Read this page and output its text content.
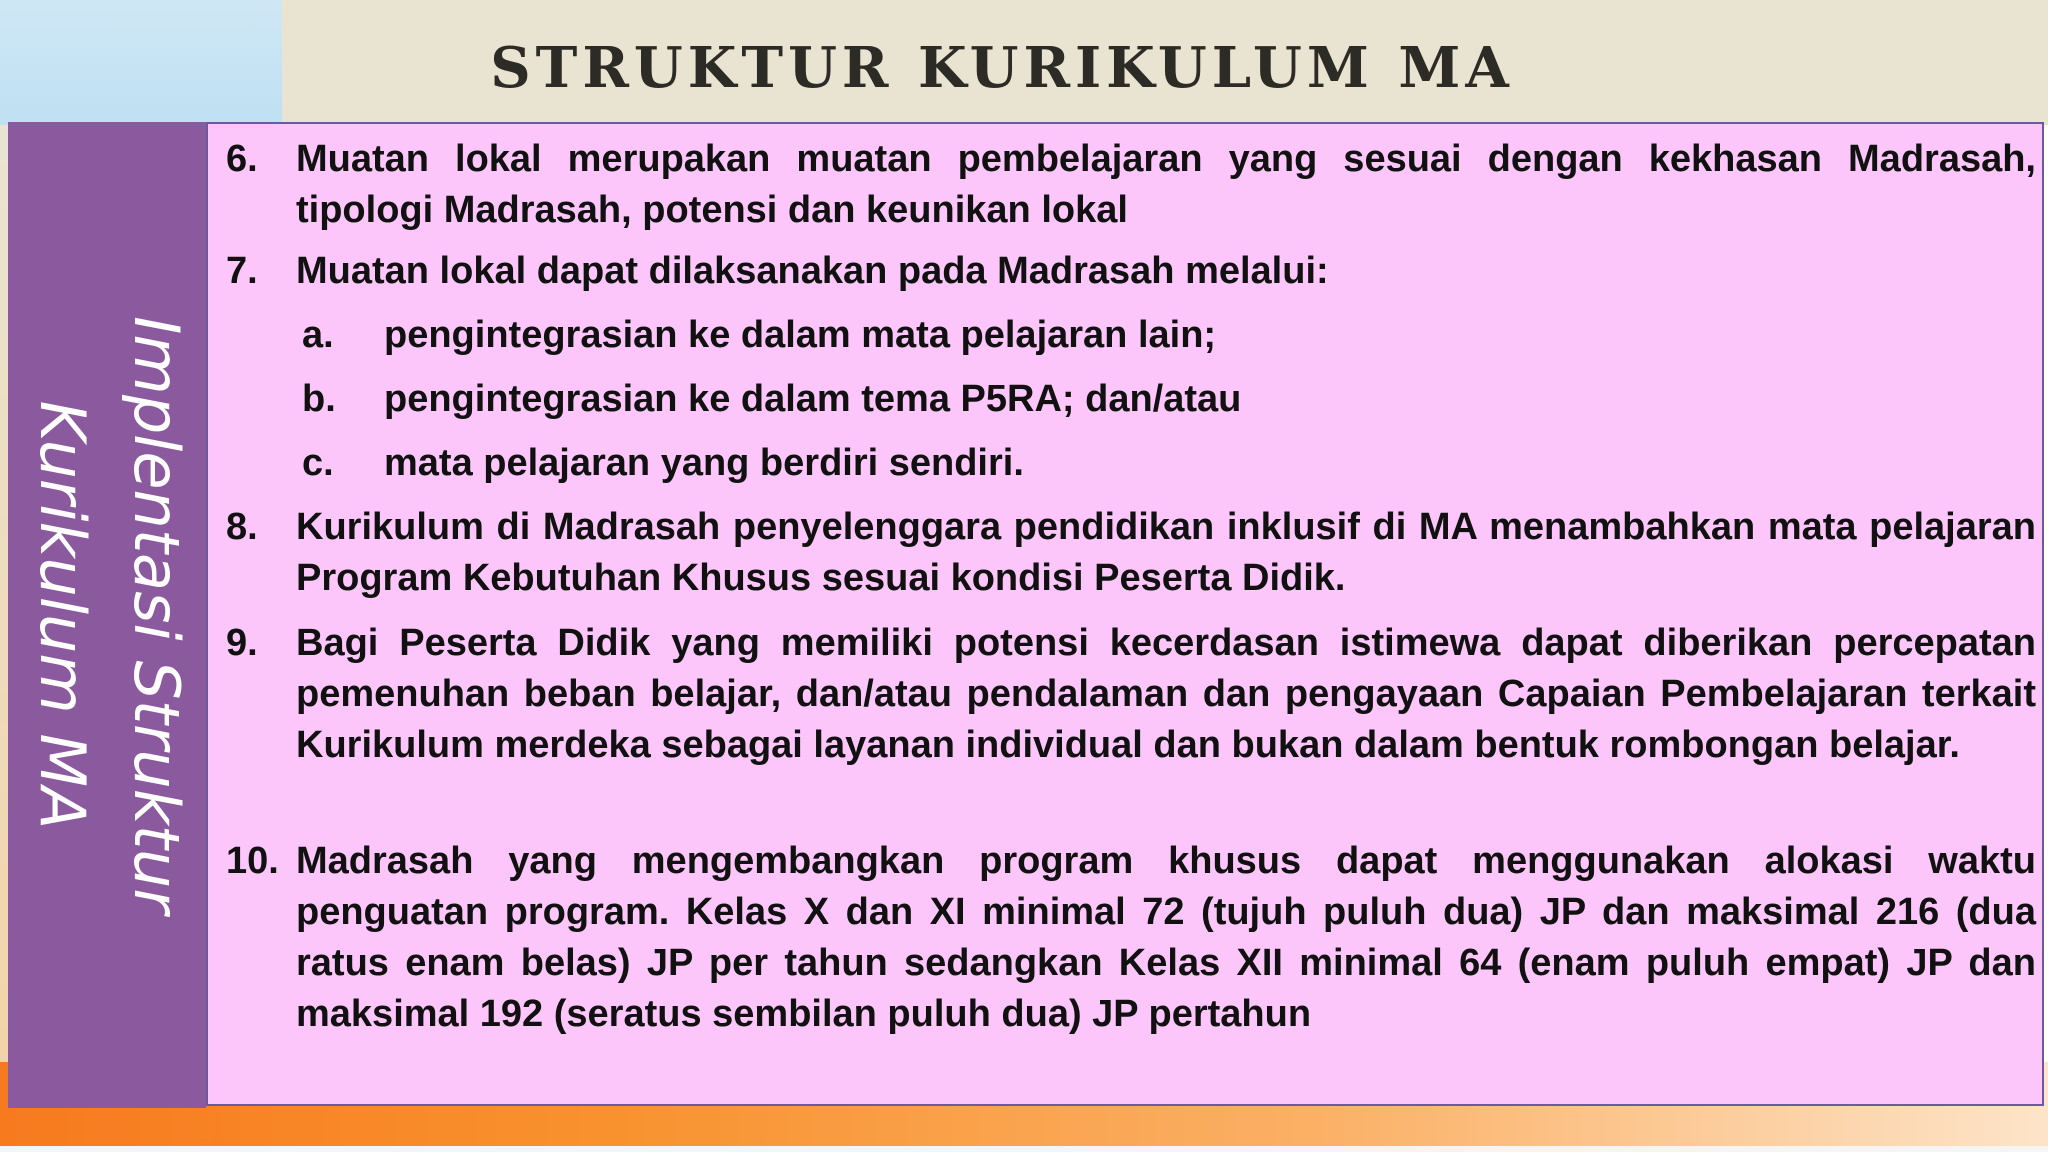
STRUKTUR KURIKULUM MA
Implentasi Struktur
Kurikulum MA
6.	Muatan lokal merupakan muatan pembelajaran yang sesuai dengan kekhasan Madrasah, tipologi Madrasah, potensi dan keunikan lokal
7.	Muatan lokal dapat dilaksanakan pada Madrasah melalui:
a. pengintegrasian ke dalam mata pelajaran lain;
b. pengintegrasian ke dalam tema P5RA; dan/atau
c. mata pelajaran yang berdiri sendiri.
8.	Kurikulum di Madrasah penyelenggara pendidikan inklusif di MA menambahkan mata pelajaran Program Kebutuhan Khusus sesuai kondisi Peserta Didik.
9.	Bagi Peserta Didik yang memiliki potensi kecerdasan istimewa dapat diberikan percepatan pemenuhan beban belajar, dan/atau pendalaman dan pengayaan Capaian Pembelajaran terkait Kurikulum merdeka sebagai layanan individual dan bukan dalam bentuk rombongan belajar.
10. Madrasah yang mengembangkan program khusus dapat menggunakan alokasi waktu penguatan program. Kelas X dan XI minimal 72 (tujuh puluh dua) JP dan maksimal 216 (dua ratus enam belas) JP per tahun sedangkan Kelas XII minimal 64 (enam puluh empat) JP dan maksimal 192 (seratus sembilan puluh dua) JP pertahun
